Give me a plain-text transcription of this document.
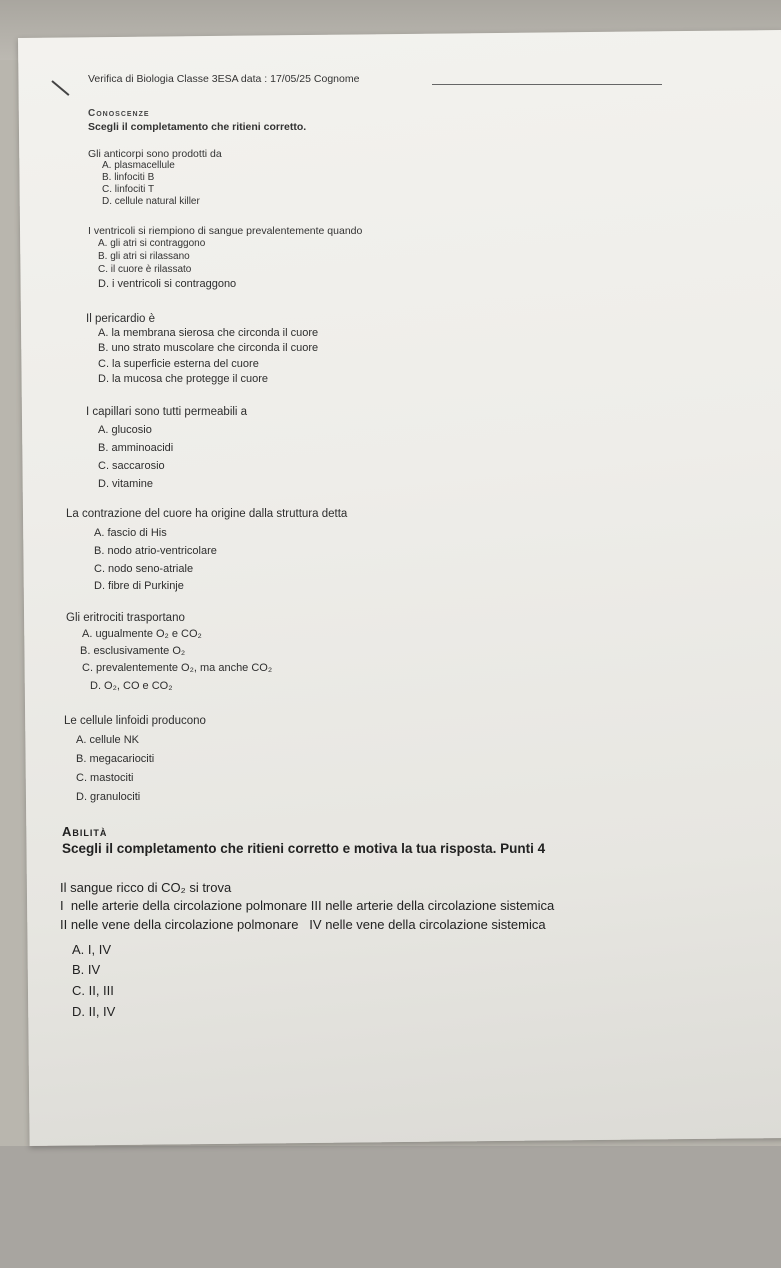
Verifica di Biologia Classe 3ESA data : 17/05/25 Cognome
Conoscenze
Scegli il completamento che ritieni corretto.
Gli anticorpi sono prodotti da
A. plasmacellule
B. linfociti B
C. linfociti T
D. cellule natural killer
I ventricoli si riempiono di sangue prevalentemente quando
A. gli atri si contraggono
B. gli atri si rilassano
C. il cuore è rilassato
D. i ventricoli si contraggono
Il pericardio è
A. la membrana sierosa che circonda il cuore
B. uno strato muscolare che circonda il cuore
C. la superficie esterna del cuore
D. la mucosa che protegge il cuore
I capillari sono tutti permeabili a
A. glucosio
B. amminoacidi
C. saccarosio
D. vitamine
La contrazione del cuore ha origine dalla struttura detta
A. fascio di His
B. nodo atrio-ventricolare
C. nodo seno-atriale
D. fibre di Purkinje
Gli eritrociti trasportano
A. ugualmente O₂ e CO₂
B. esclusivamente O₂
C. prevalentemente O₂, ma anche CO₂
D. O₂, CO e CO₂
Le cellule linfoidi producono
A. cellule NK
B. megacariociti
C. mastociti
D. granulociti
Abilità
Scegli il completamento che ritieni corretto e motiva la tua risposta. Punti 4
Il sangue ricco di CO₂ si trova
I  nelle arterie della circolazione polmonare III nelle arterie della circolazione sistemica
II nelle vene della circolazione polmonare   IV nelle vene della circolazione sistemica
A. I, IV
B. IV
C. II, III
D. II, IV
